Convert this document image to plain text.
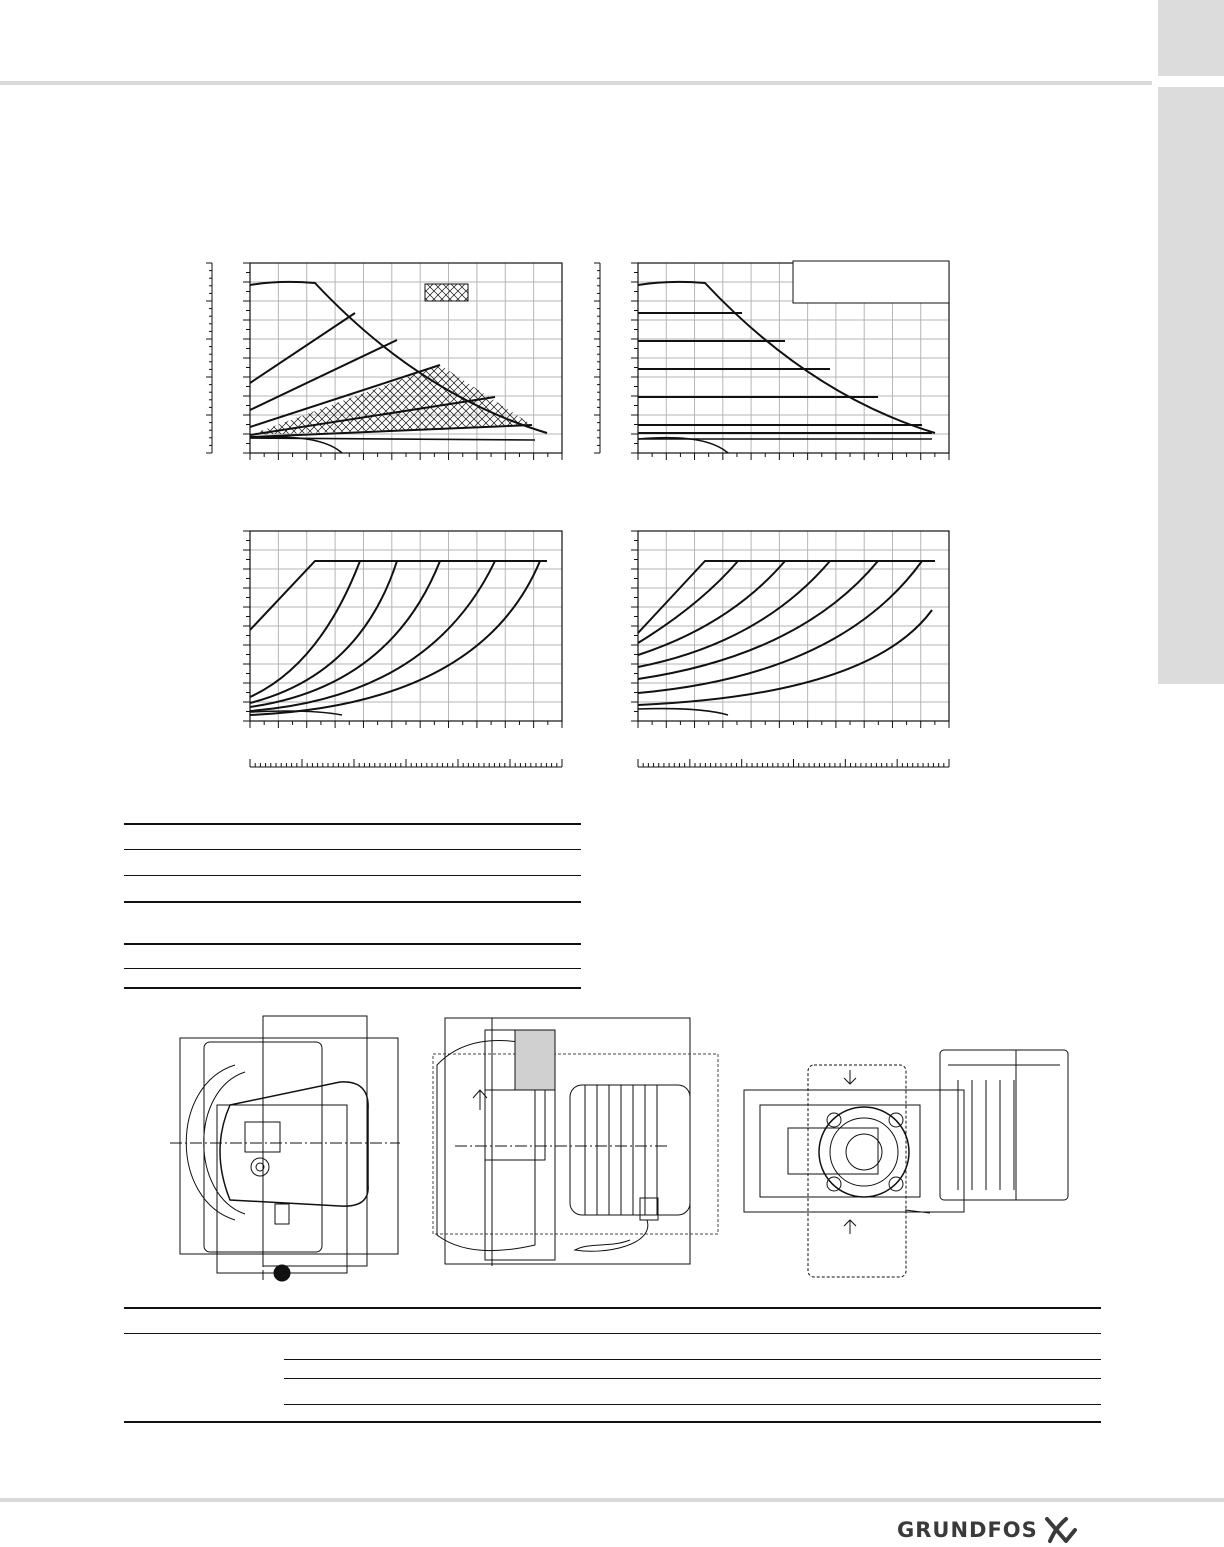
GRUNDFOS
